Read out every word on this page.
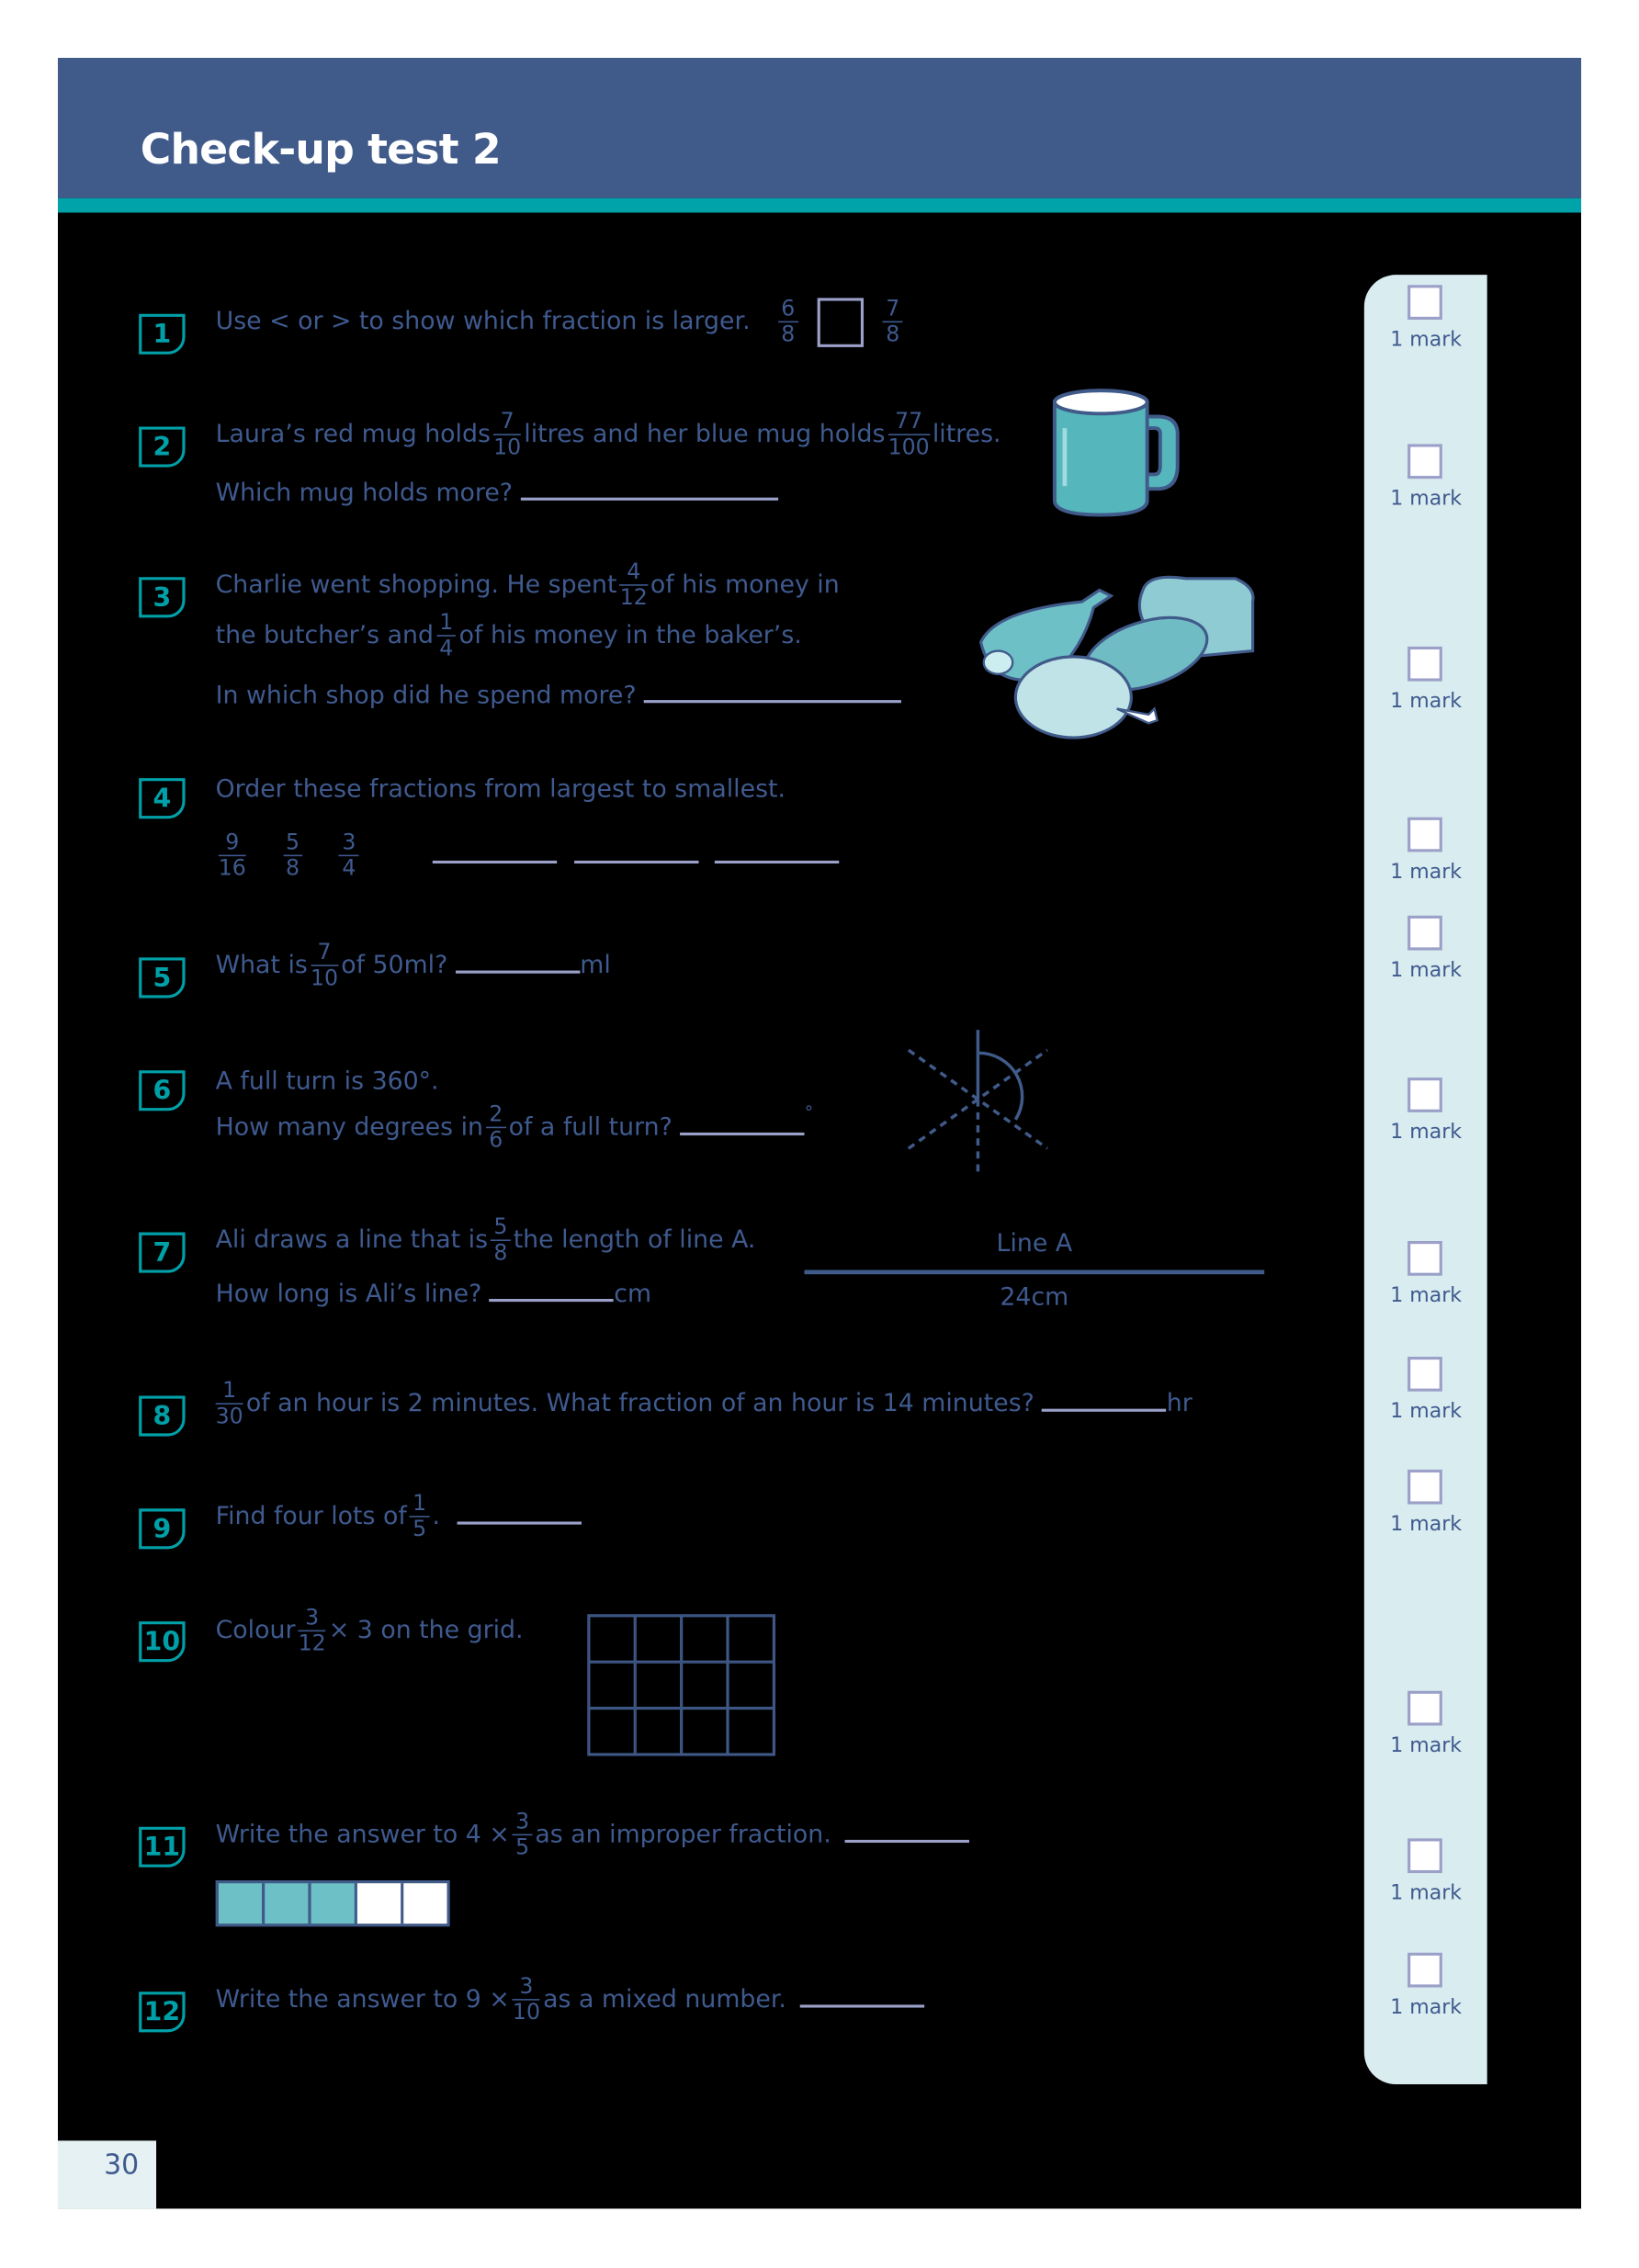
Check-up test 2
1 mark
1 mark
1 mark
1 mark
1 mark
1 mark
1 mark
1 mark
1 mark
1 mark
1 mark
1 mark
1	Use < or > to show which fraction is larger. $\frac{6}{8}$
	$\frac{7}{8}$
2	Laura’s red mug holds $\frac{7}{10}$ litres and her blue mug holds $\frac{77}{100}$ litres.
Which mug holds more?
3	Charlie went shopping. He spent $\frac{4}{12}$ of his money in
the butcher’s and $\frac{1}{4}$ of his money in the baker’s.
In which shop did he spend more?
4	Order these fractions from largest to smallest.
$\frac{9}{16}$
	$\frac{5}{8}$
	$\frac{3}{4}$

5	What is $\frac{7}{10}$ of 50ml?	ml
6	A full turn is 360°.
How many degrees in $\frac{2}{6}$ of a full turn? °
7	Ali draws a line that is $\frac{5}{8}$ the length of line A.
How long is Ali’s line?	cm
Line A
24cm
8	$\frac{1}{30}$ of an hour is 2 minutes. What fraction of an hour is 14 minutes?	hr
9	Find four lots of $\frac{1}{5}$ .
10	Colour $\frac{3}{12} \times 3$ on the grid.
11	Write the answer to $4 \times \frac{3}{5}$ as an improper fraction.
12	Write the answer to $9 \times \frac{3}{10}$ as a mixed number.
30
